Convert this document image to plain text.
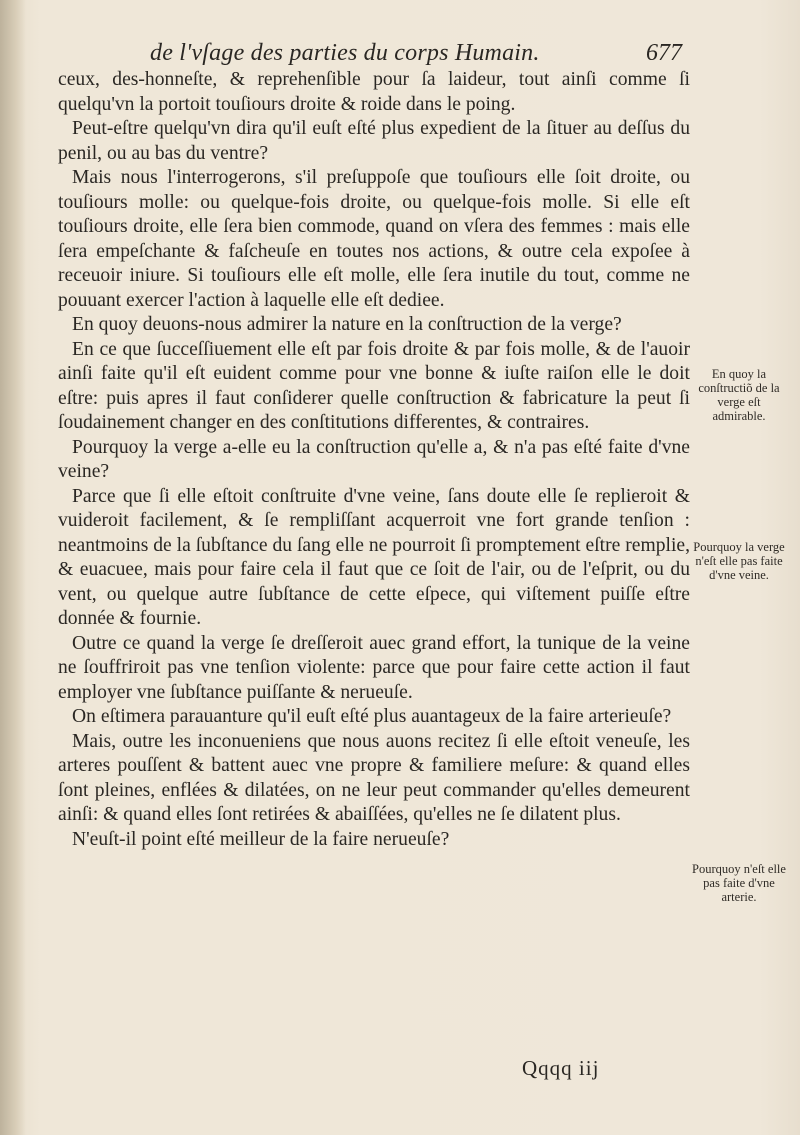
de l'vſage des parties du corps Humain.	677

ceux, des-honneſte, & reprehenſible pour ſa laideur, tout ainſi comme ſi quelqu'vn la portoit touſiours droite & roide dans le poing.

Peut-eſtre quelqu'vn dira qu'il euſt eſté plus expedient de la ſituer au deſſus du penil, ou au bas du ventre?

Mais nous l'interrogerons, s'il preſuppoſe que touſiours elle ſoit droite, ou touſiours molle: ou quelque-fois droite, ou quelque-fois molle. Si elle eſt touſiours droite, elle ſera bien commode, quand on vſera des femmes : mais elle ſera empeſchante & faſcheuſe en toutes nos actions, & outre cela expoſee à receuoir iniure. Si touſiours elle eſt molle, elle ſera inutile du tout, comme ne pouuant exercer l'action à laquelle elle eſt dediee.

En quoy deuons-nous admirer la nature en la conſtruction de la verge?

En ce que ſucceſſiuement elle eſt par fois droite & par fois molle, & de l'auoir ainſi faite qu'il eſt euident comme pour vne bonne & iuſte raiſon elle le doit eſtre: puis apres il faut conſiderer quelle conſtruction & fabricature la peut ſi ſoudainement changer en des conſtitutions differentes, & contraires.

Pourquoy la verge a-elle eu la conſtruction qu'elle a, & n'a pas eſté faite d'vne veine?

Parce que ſi elle eſtoit conſtruite d'vne veine, ſans doute elle ſe replieroit & vuideroit facilement, & ſe rempliſſant acquerroit vne fort grande tenſion : neantmoins de la ſubſtance du ſang elle ne pourroit ſi promptement eſtre remplie, & euacuee, mais pour faire cela il faut que ce ſoit de l'air, ou de l'eſprit, ou du vent, ou quelque autre ſubſtance de cette eſpece, qui viſtement puiſſe eſtre donnée & fournie.

Outre ce quand la verge ſe dreſſeroit auec grand effort, la tunique de la veine ne ſouffriroit pas vne tenſion violente: parce que pour faire cette action il faut employer vne ſubſtance puiſſante & nerueuſe.

On eſtimera parauanture qu'il euſt eſté plus auantageux de la faire arterieuſe?

Mais, outre les inconueniens que nous auons recitez ſi elle eſtoit veneuſe, les arteres pouſſent & battent auec vne propre & familiere meſure: & quand elles ſont pleines, enflées & dilatées, on ne leur peut commander qu'elles demeurent ainſi: & quand elles ſont retirées & abaiſſées, qu'elles ne ſe dilatent plus.

N'euſt-il point eſté meilleur de la faire nerueuſe?

En quoy la conſtructiõ de la verge eſt admirable.
Pourquoy la verge n'eſt elle pas faite d'vne veine.
Pourquoy n'eſt elle pas faite d'vne arterie.
Qqqq iij
